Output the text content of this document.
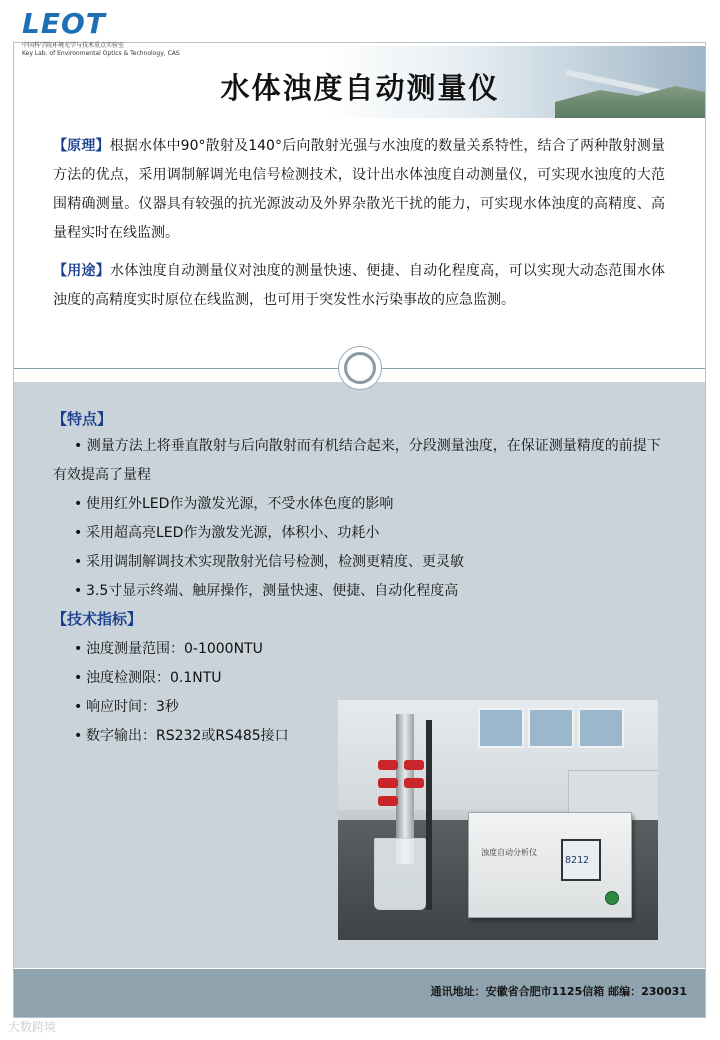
LEOT
中国科学院环境光学与技术重点实验室
Key Lab. of Environmental Optics & Technology, CAS
水体浊度自动测量仪
【原理】根据水体中90°散射及140°后向散射光强与水浊度的数量关系特性，结合了两种散射测量方法的优点，采用调制解调光电信号检测技术，设计出水体浊度自动测量仪，可实现水浊度的大范围精确测量。仪器具有较强的抗光源波动及外界杂散光干扰的能力，可实现水体浊度的高精度、高量程实时在线监测。
【用途】水体浊度自动测量仪对浊度的测量快速、便捷、自动化程度高，可以实现大动态范围水体浊度的高精度实时原位在线监测，也可用于突发性水污染事故的应急监测。
【特点】
• 测量方法上将垂直散射与后向散射而有机结合起来，分段测量浊度，在保证测量精度的前提下有效提高了量程
• 使用红外LED作为激发光源，不受水体色度的影响
• 采用超高亮LED作为激发光源，体积小、功耗小
• 采用调制解调技术实现散射光信号检测，检测更精度、更灵敏
• 3.5寸显示终端、触屏操作，测量快速、便捷、自动化程度高
【技术指标】
• 浊度测量范围：0-1000NTU
• 浊度检测限：0.1NTU
• 响应时间：3秒
• 数字输出：RS232或RS485接口
浊度自动分析仪
8212
通讯地址：安徽省合肥市1125信箱 邮编：230031
大数跨境
